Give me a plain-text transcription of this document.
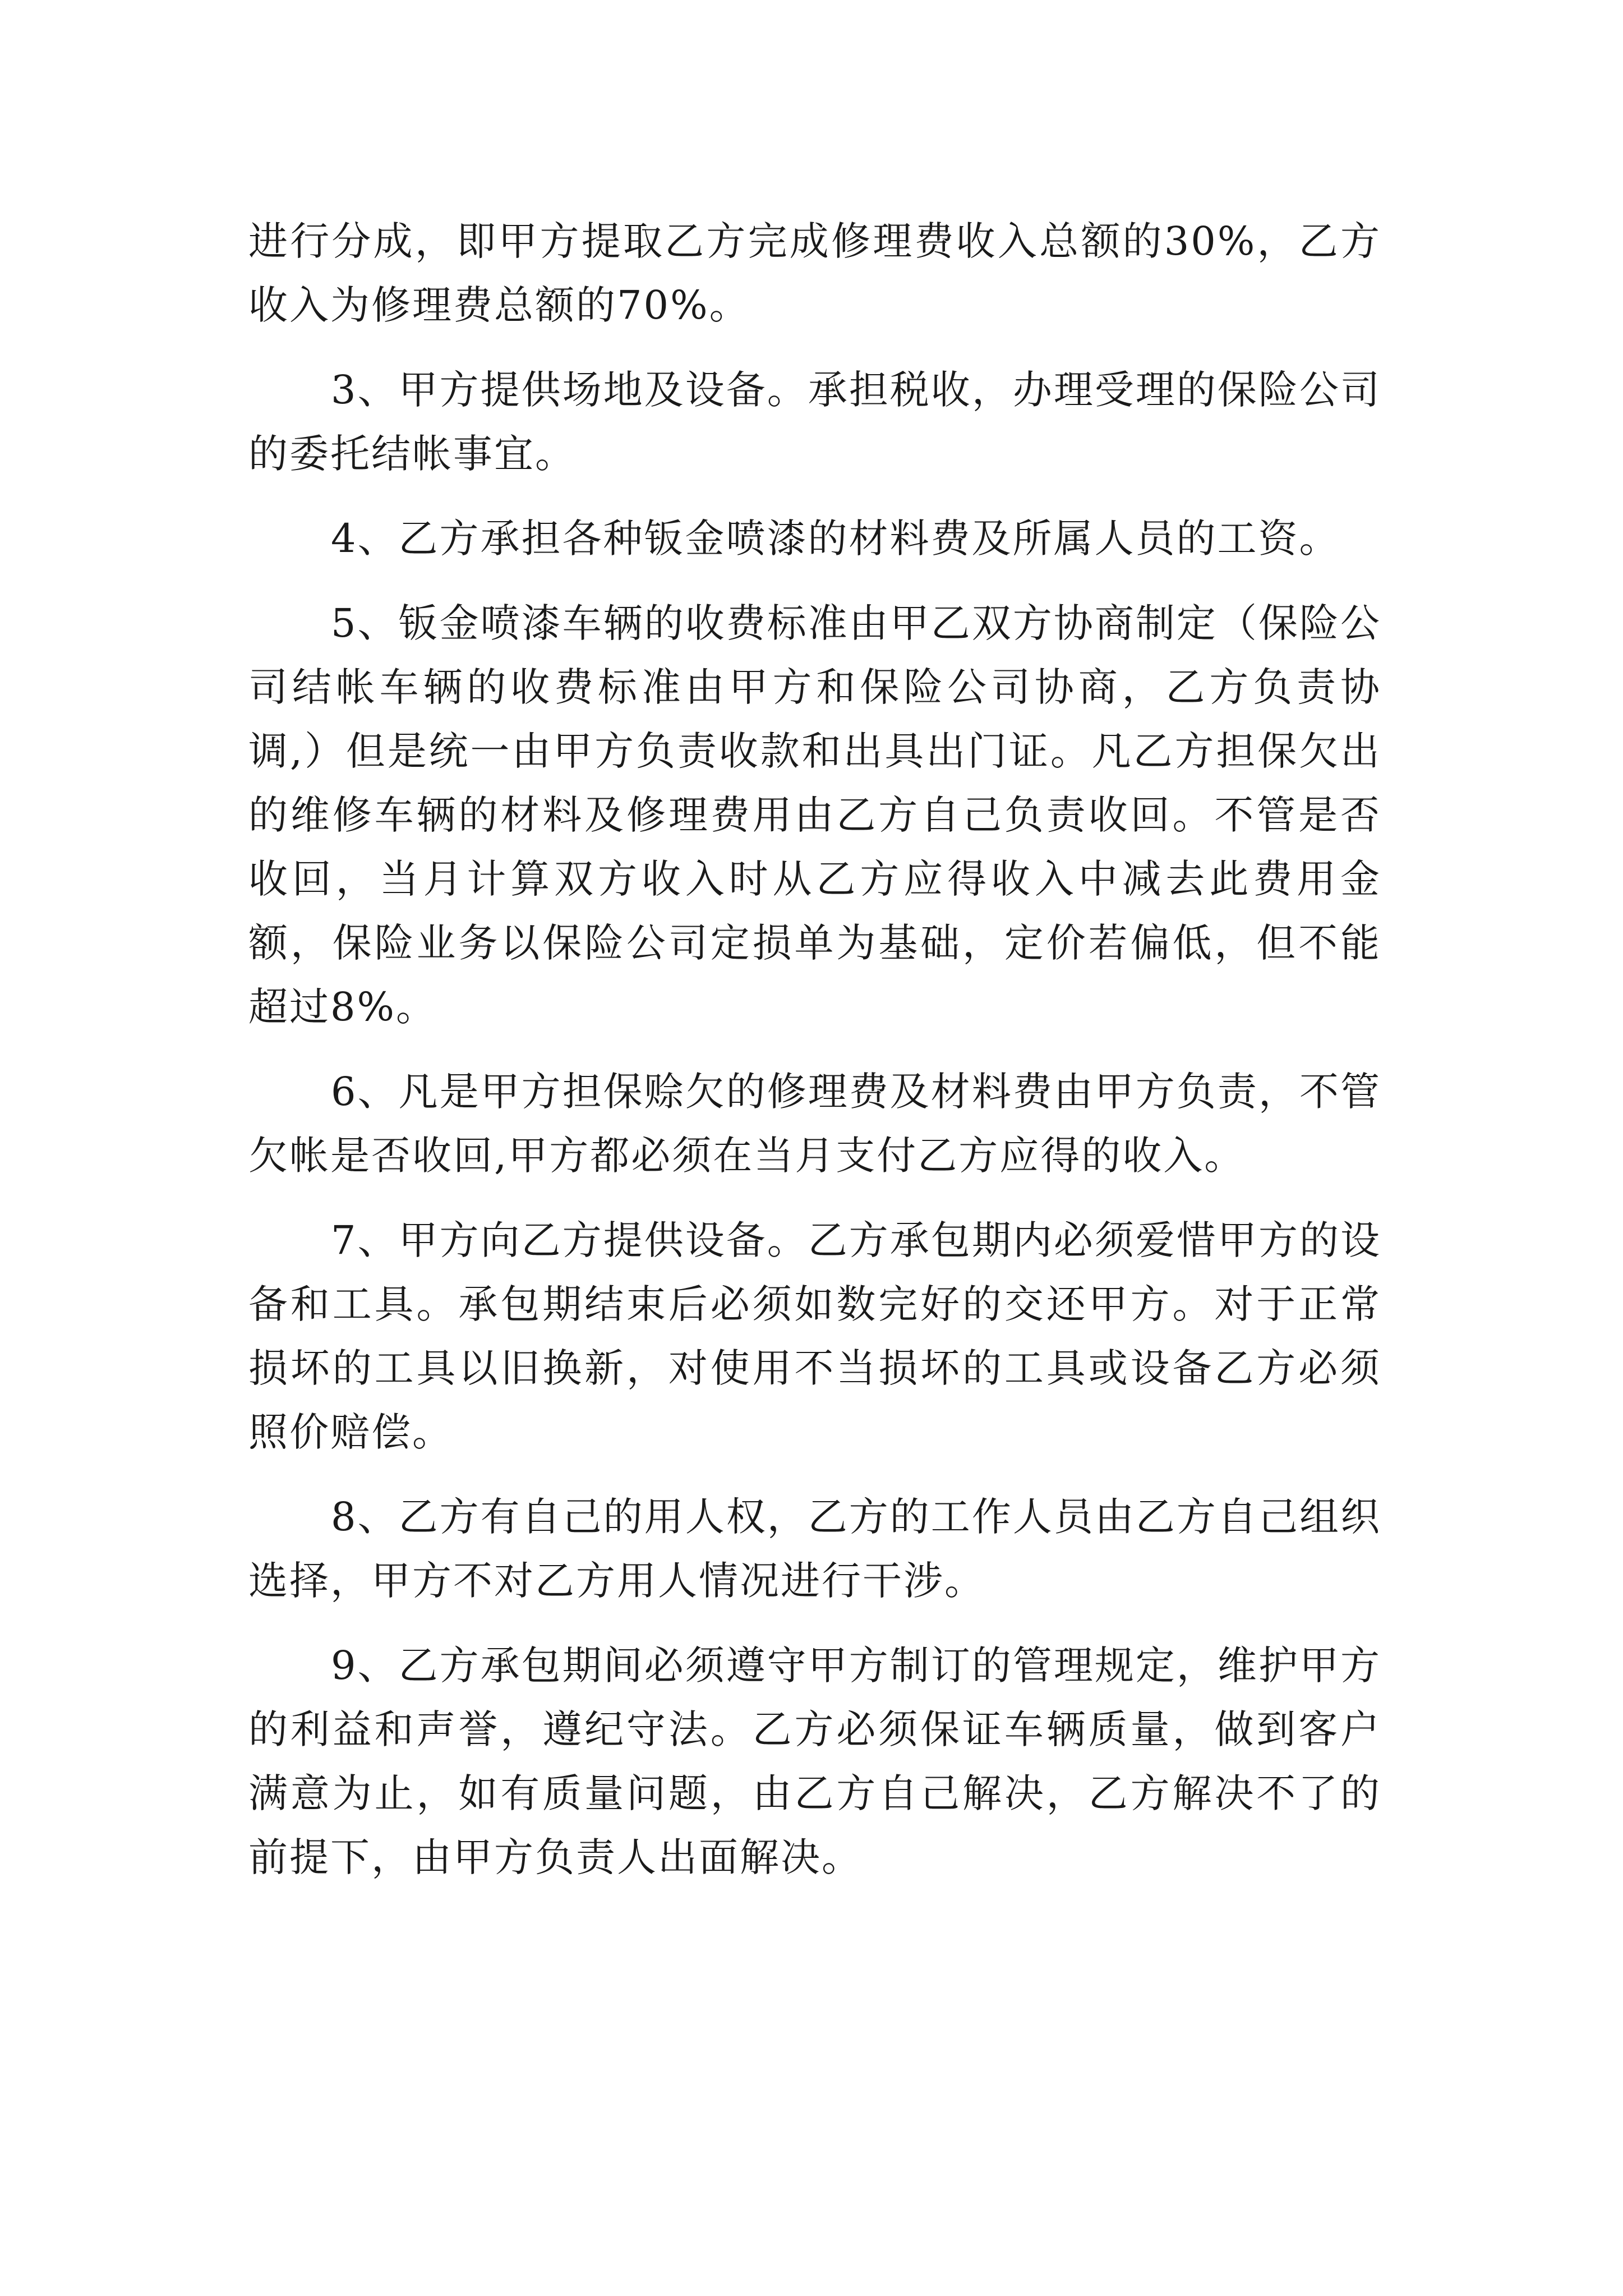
进行分成，即甲方提取乙方完成修理费收入总额的30%，乙方收入为修理费总额的70%。

3、甲方提供场地及设备。承担税收，办理受理的保险公司的委托结帐事宜。

4、乙方承担各种钣金喷漆的材料费及所属人员的工资。

5、钣金喷漆车辆的收费标准由甲乙双方协商制定（保险公司结帐车辆的收费标准由甲方和保险公司协商，乙方负责协调,）但是统一由甲方负责收款和出具出门证。凡乙方担保欠出的维修车辆的材料及修理费用由乙方自己负责收回。不管是否收回，当月计算双方收入时从乙方应得收入中减去此费用金额，保险业务以保险公司定损单为基础，定价若偏低，但不能超过8%。

6、凡是甲方担保赊欠的修理费及材料费由甲方负责，不管欠帐是否收回,甲方都必须在当月支付乙方应得的收入。

7、甲方向乙方提供设备。乙方承包期内必须爱惜甲方的设备和工具。承包期结束后必须如数完好的交还甲方。对于正常损坏的工具以旧换新，对使用不当损坏的工具或设备乙方必须照价赔偿。

8、乙方有自己的用人权，乙方的工作人员由乙方自己组织选择，甲方不对乙方用人情况进行干涉。

9、乙方承包期间必须遵守甲方制订的管理规定，维护甲方的利益和声誉，遵纪守法。乙方必须保证车辆质量，做到客户满意为止，如有质量问题，由乙方自己解决，乙方解决不了的前提下，由甲方负责人出面解决。
